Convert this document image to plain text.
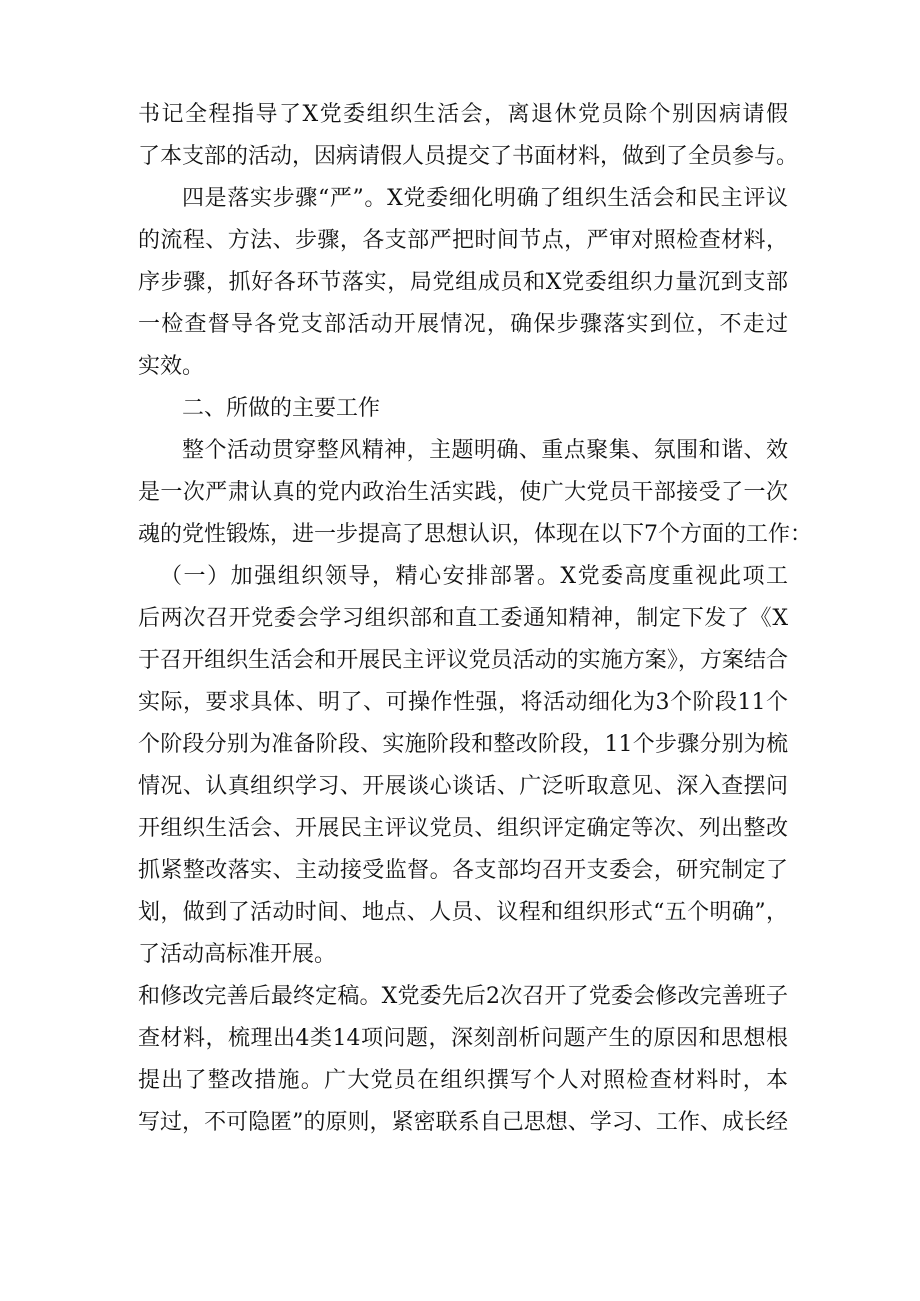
书记全程指导了X党委组织生活会，离退休党员除个别因病请假
了本支部的活动，因病请假人员提交了书面材料，做到了全员参与。
四是落实步骤“严”。X党委细化明确了组织生活会和民主评议
的流程、方法、步骤，各支部严把时间节点，严审对照检查材料，
序步骤，抓好各环节落实，局党组成员和X党委组织力量沉到支部
一检查督导各党支部活动开展情况，确保步骤落实到位，不走过
实效。
二、所做的主要工作
整个活动贯穿整风精神，主题明确、重点聚集、氛围和谐、效
是一次严肃认真的党内政治生活实践，使广大党员干部接受了一次
魂的党性锻炼，进一步提高了思想认识，体现在以下7个方面的工作：
（一）加强组织领导，精心安排部署。X党委高度重视此项工
后两次召开党委会学习组织部和直工委通知精神，制定下发了《X
于召开组织生活会和开展民主评议党员活动的实施方案》，方案结合
实际，要求具体、明了、可操作性强，将活动细化为3个阶段11个
个阶段分别为准备阶段、实施阶段和整改阶段，11个步骤分别为梳
情况、认真组织学习、开展谈心谈话、广泛听取意见、深入查摆问
开组织生活会、开展民主评议党员、组织评定确定等次、列出整改
抓紧整改落实、主动接受监督。各支部均召开支委会，研究制定了
划，做到了活动时间、地点、人员、议程和组织形式“五个明确”，
了活动高标准开展。
和修改完善后最终定稿。X党委先后2次召开了党委会修改完善班子
查材料，梳理出4类14项问题，深刻剖析问题产生的原因和思想根
提出了整改措施。广大党员在组织撰写个人对照检查材料时，本
写过，不可隐匿”的原则，紧密联系自己思想、学习、工作、成长经
